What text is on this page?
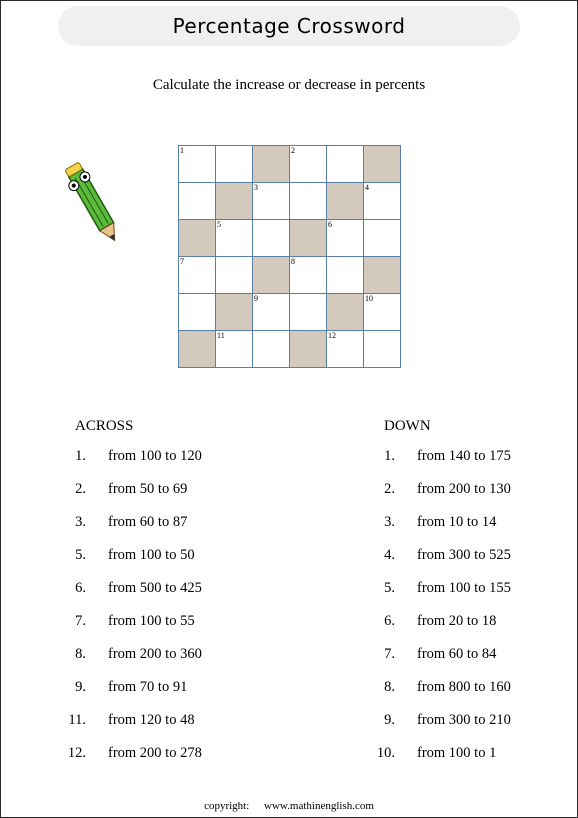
Percentage Crossword
Calculate the increase or decrease in percents
1			2		

		3			4

	5			6	

7			8		

		9			10

	11			12	

ACROSS	DOWN
1. from 100 to 120
2. from 50 to 69
3. from 60 to 87
5. from 100 to 50
6. from 500 to 425
7. from 100 to 55
8. from 200 to 360
9. from 70 to 91
11. from 120 to 48
12. from 200 to 278
1. from 140 to 175
2. from 200 to 130
3. from 10 to 14
4. from 300 to 525
5. from 100 to 155
6. from 20 to 18
7. from 60 to 84
8. from 800 to 160
9. from 300 to 210
10. from 100 to 1
copyright: www.mathinenglish.com
